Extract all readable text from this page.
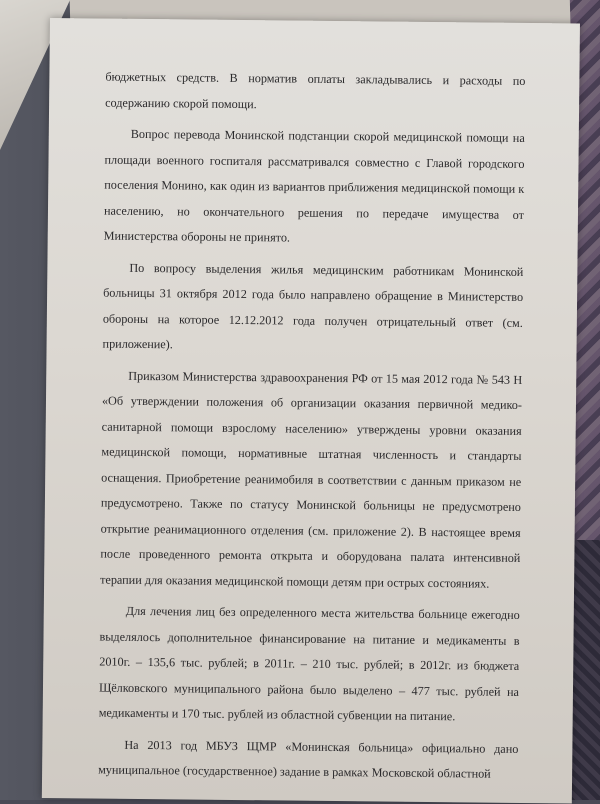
бюджетных средств. В норматив оплаты закладывались и расходы по содержанию скорой помощи.

Вопрос перевода Монинской подстанции скорой медицинской помощи на площади военного госпиталя рассматривался совместно с Главой городского поселения Монино, как один из вариантов приближения медицинской помощи к населению, но окончательного решения по передаче имущества от Министерства обороны не принято.

По вопросу выделения жилья медицинским работникам Монинской больницы 31 октября 2012 года было направлено обращение в Министерство обороны на которое 12.12.2012 года получен отрицательный ответ (см. приложение).

Приказом Министерства здравоохранения РФ от 15 мая 2012 года № 543 Н «Об утверждении положения об организации оказания первичной медико-санитарной помощи взрослому населению» утверждены уровни оказания медицинской помощи, нормативные штатная численность и стандарты оснащения. Приобретение реанимобиля в соответствии с данным приказом не предусмотрено. Также по статусу Монинской больницы не предусмотрено открытие реанимационного отделения (см. приложение 2). В настоящее время после проведенного ремонта открыта и оборудована палата интенсивной терапии для оказания медицинской помощи детям при острых состояниях.

Для лечения лиц без определенного места жительства больнице ежегодно выделялось дополнительное финансирование на питание и медикаменты в 2010г. – 135,6 тыс. рублей; в 2011г. – 210 тыс. рублей; в 2012г. из бюджета Щёлковского муниципального района было выделено – 477 тыс. рублей на медикаменты и 170 тыс. рублей из областной субвенции на питание.

На 2013 год МБУЗ ЩМР «Монинская больница» официально дано муниципальное (государственное) задание в рамках Московской областной
